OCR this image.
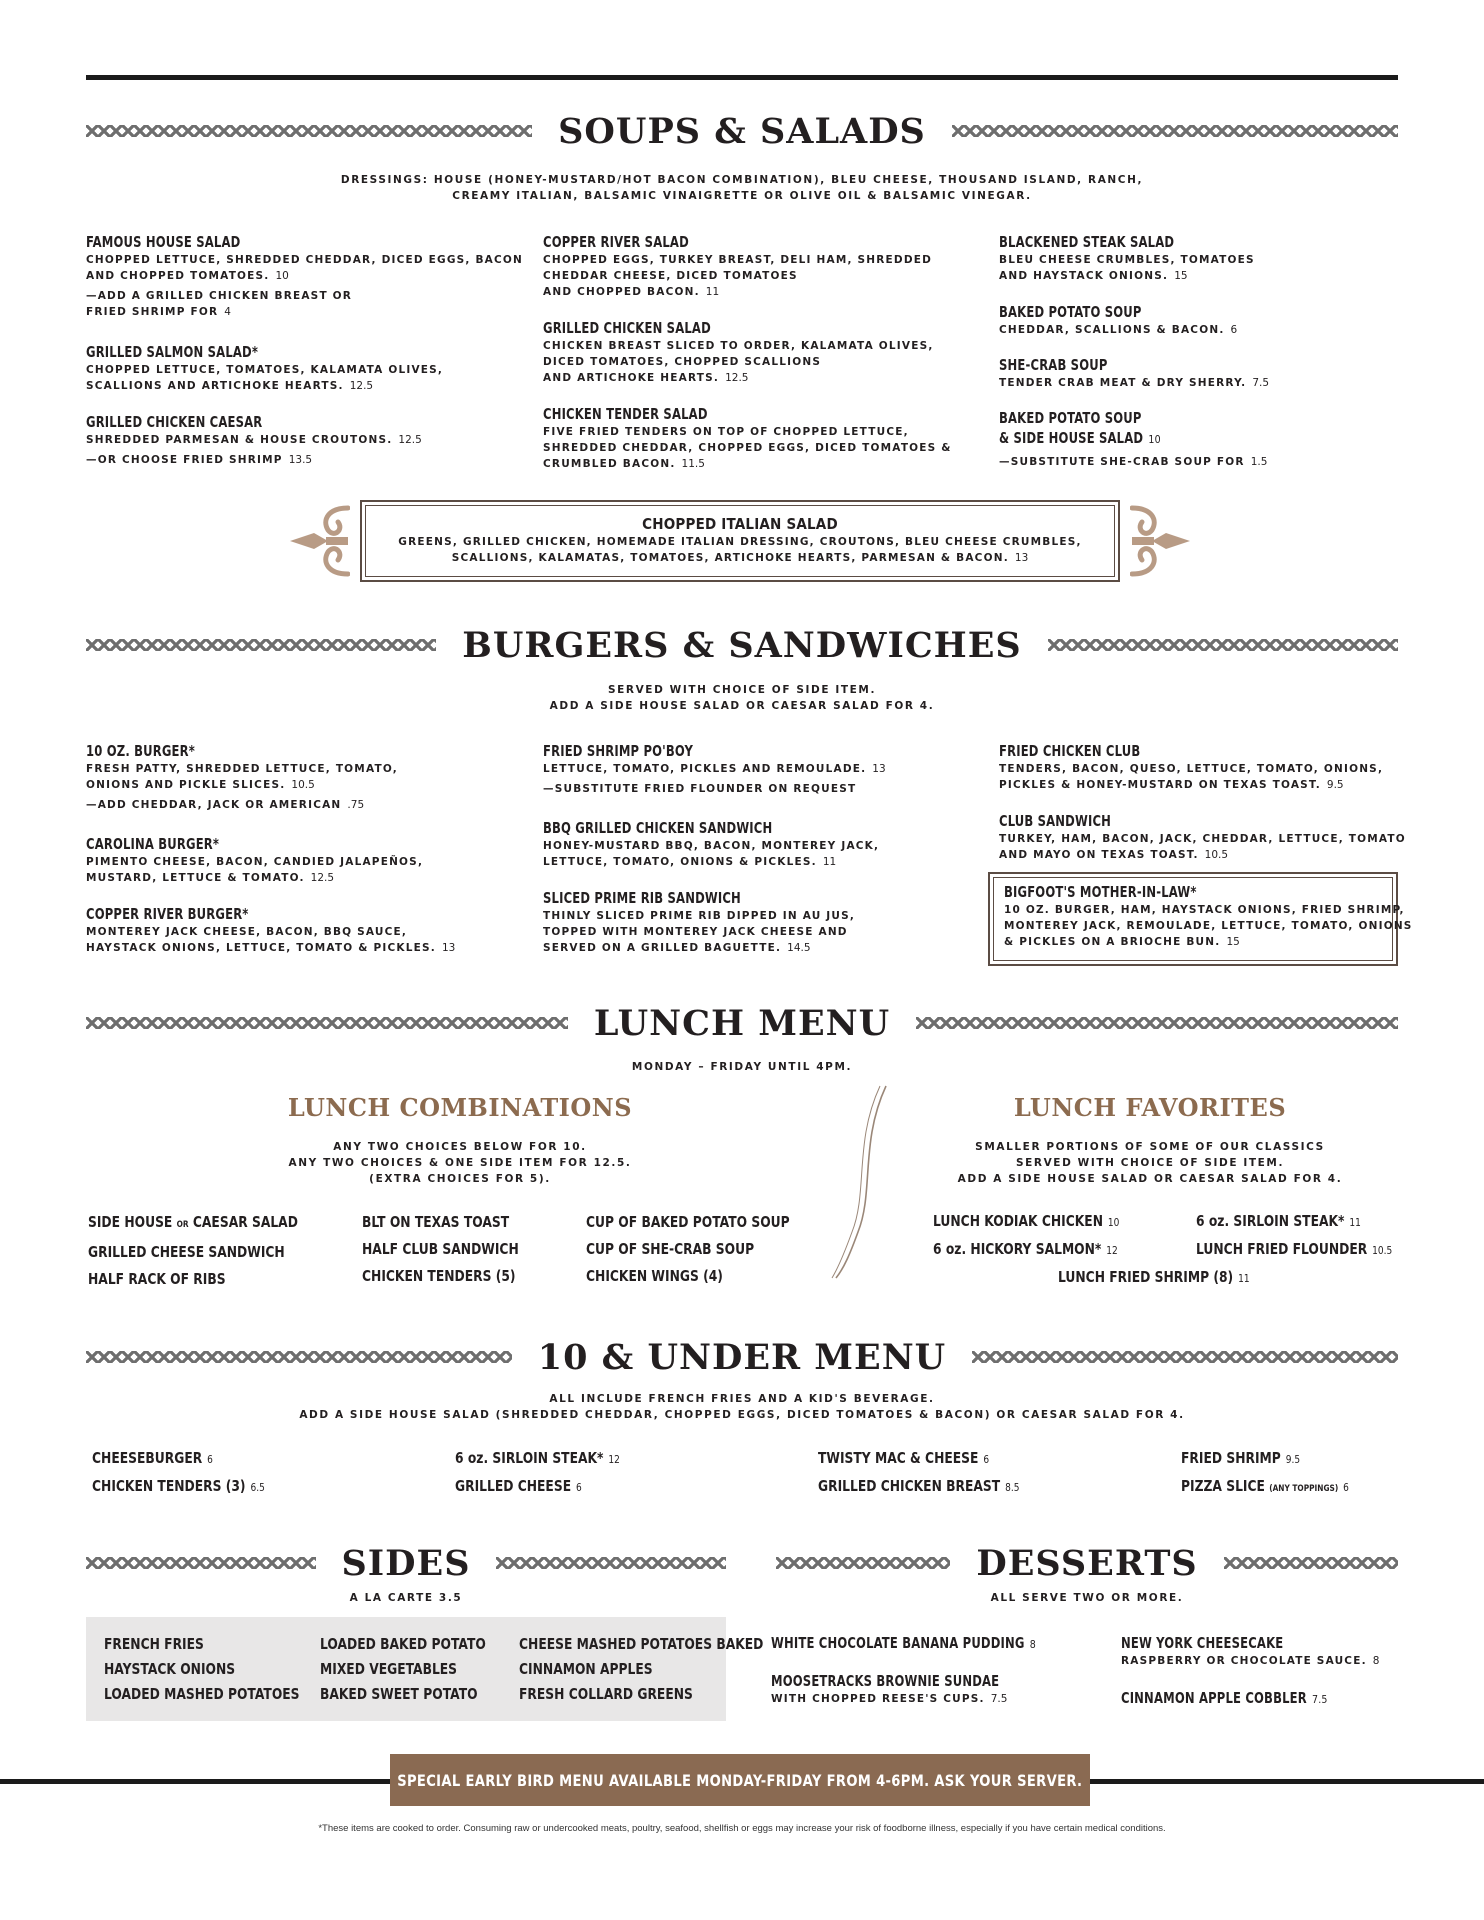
SOUPS & SALADS
DRESSINGS: HOUSE (HONEY-MUSTARD/HOT BACON COMBINATION), BLEU CHEESE, THOUSAND ISLAND, RANCH,
CREAMY ITALIAN, BALSAMIC VINAIGRETTE OR OLIVE OIL & BALSAMIC VINEGAR.
FAMOUS HOUSE SALAD
CHOPPED LETTUCE, SHREDDED CHEDDAR, DICED EGGS, BACON
AND CHOPPED TOMATOES. 10
—ADD A GRILLED CHICKEN BREAST OR
FRIED SHRIMP FOR 4
GRILLED SALMON SALAD*
CHOPPED LETTUCE, TOMATOES, KALAMATA OLIVES,
SCALLIONS AND ARTICHOKE HEARTS. 12.5
GRILLED CHICKEN CAESAR
SHREDDED PARMESAN & HOUSE CROUTONS. 12.5
—OR CHOOSE FRIED SHRIMP 13.5
COPPER RIVER SALAD
CHOPPED EGGS, TURKEY BREAST, DELI HAM, SHREDDED
CHEDDAR CHEESE, DICED TOMATOES
AND CHOPPED BACON. 11
GRILLED CHICKEN SALAD
CHICKEN BREAST SLICED TO ORDER, KALAMATA OLIVES,
DICED TOMATOES, CHOPPED SCALLIONS
AND ARTICHOKE HEARTS. 12.5
CHICKEN TENDER SALAD
FIVE FRIED TENDERS ON TOP OF CHOPPED LETTUCE,
SHREDDED CHEDDAR, CHOPPED EGGS, DICED TOMATOES &
CRUMBLED BACON. 11.5
BLACKENED STEAK SALAD
BLEU CHEESE CRUMBLES, TOMATOES
AND HAYSTACK ONIONS. 15
BAKED POTATO SOUP
CHEDDAR, SCALLIONS & BACON. 6
SHE-CRAB SOUP
TENDER CRAB MEAT & DRY SHERRY. 7.5
BAKED POTATO SOUP
& SIDE HOUSE SALAD 10
—SUBSTITUTE SHE-CRAB SOUP FOR 1.5
CHOPPED ITALIAN SALAD
GREENS, GRILLED CHICKEN, HOMEMADE ITALIAN DRESSING, CROUTONS, BLEU CHEESE CRUMBLES,
SCALLIONS, KALAMATAS, TOMATOES, ARTICHOKE HEARTS, PARMESAN & BACON. 13
BURGERS & SANDWICHES
SERVED WITH CHOICE OF SIDE ITEM.
ADD A SIDE HOUSE SALAD OR CAESAR SALAD FOR 4.
10 OZ. BURGER*
FRESH PATTY, SHREDDED LETTUCE, TOMATO,
ONIONS AND PICKLE SLICES. 10.5
—ADD CHEDDAR, JACK OR AMERICAN .75
CAROLINA BURGER*
PIMENTO CHEESE, BACON, CANDIED JALAPEÑOS,
MUSTARD, LETTUCE & TOMATO. 12.5
COPPER RIVER BURGER*
MONTEREY JACK CHEESE, BACON, BBQ SAUCE,
HAYSTACK ONIONS, LETTUCE, TOMATO & PICKLES. 13
FRIED SHRIMP PO'BOY
LETTUCE, TOMATO, PICKLES AND REMOULADE. 13
—SUBSTITUTE FRIED FLOUNDER ON REQUEST
BBQ GRILLED CHICKEN SANDWICH
HONEY-MUSTARD BBQ, BACON, MONTEREY JACK,
LETTUCE, TOMATO, ONIONS & PICKLES. 11
SLICED PRIME RIB SANDWICH
THINLY SLICED PRIME RIB DIPPED IN AU JUS,
TOPPED WITH MONTEREY JACK CHEESE AND
SERVED ON A GRILLED BAGUETTE. 14.5
FRIED CHICKEN CLUB
TENDERS, BACON, QUESO, LETTUCE, TOMATO, ONIONS,
PICKLES & HONEY-MUSTARD ON TEXAS TOAST. 9.5
CLUB SANDWICH
TURKEY, HAM, BACON, JACK, CHEDDAR, LETTUCE, TOMATO
AND MAYO ON TEXAS TOAST. 10.5
BIGFOOT'S MOTHER-IN-LAW*
10 OZ. BURGER, HAM, HAYSTACK ONIONS, FRIED SHRIMP,
MONTEREY JACK, REMOULADE, LETTUCE, TOMATO, ONIONS
& PICKLES ON A BRIOCHE BUN. 15
LUNCH MENU
MONDAY – FRIDAY UNTIL 4PM.
LUNCH COMBINATIONS
ANY TWO CHOICES BELOW FOR 10.
ANY TWO CHOICES & ONE SIDE ITEM FOR 12.5.
(EXTRA CHOICES FOR 5).
SIDE HOUSE OR CAESAR SALAD
GRILLED CHEESE SANDWICH
HALF RACK OF RIBS
BLT ON TEXAS TOAST
HALF CLUB SANDWICH
CHICKEN TENDERS (5)
CUP OF BAKED POTATO SOUP
CUP OF SHE-CRAB SOUP
CHICKEN WINGS (4)
LUNCH FAVORITES
SMALLER PORTIONS OF SOME OF OUR CLASSICS
SERVED WITH CHOICE OF SIDE ITEM.
ADD A SIDE HOUSE SALAD OR CAESAR SALAD FOR 4.
LUNCH KODIAK CHICKEN 10
6 oz. HICKORY SALMON* 12
6 oz. SIRLOIN STEAK* 11
LUNCH FRIED FLOUNDER 10.5
LUNCH FRIED SHRIMP (8) 11
10 & UNDER MENU
ALL INCLUDE FRENCH FRIES AND A KID'S BEVERAGE.
ADD A SIDE HOUSE SALAD (SHREDDED CHEDDAR, CHOPPED EGGS, DICED TOMATOES & BACON) OR CAESAR SALAD FOR 4.
CHEESEBURGER 6
CHICKEN TENDERS (3) 6.5
6 oz. SIRLOIN STEAK* 12
GRILLED CHEESE 6
TWISTY MAC & CHEESE 6
GRILLED CHICKEN BREAST 8.5
FRIED SHRIMP 9.5
PIZZA SLICE (ANY TOPPINGS) 6
SIDES
A LA CARTE 3.5
FRENCH FRIES
HAYSTACK ONIONS
LOADED MASHED POTATOES
LOADED BAKED POTATO
MIXED VEGETABLES
BAKED SWEET POTATO
CHEESE MASHED POTATOES BAKED
CINNAMON APPLES
FRESH COLLARD GREENS
DESSERTS
ALL SERVE TWO OR MORE.
WHITE CHOCOLATE BANANA PUDDING 8
MOOSETRACKS BROWNIE SUNDAE
WITH CHOPPED REESE'S CUPS. 7.5
NEW YORK CHEESECAKE
RASPBERRY OR CHOCOLATE SAUCE. 8
CINNAMON APPLE COBBLER 7.5
SPECIAL EARLY BIRD MENU AVAILABLE MONDAY-FRIDAY FROM 4-6PM. ASK YOUR SERVER.
*These items are cooked to order. Consuming raw or undercooked meats, poultry, seafood, shellfish or eggs may increase your risk of foodborne illness, especially if you have certain medical conditions.
